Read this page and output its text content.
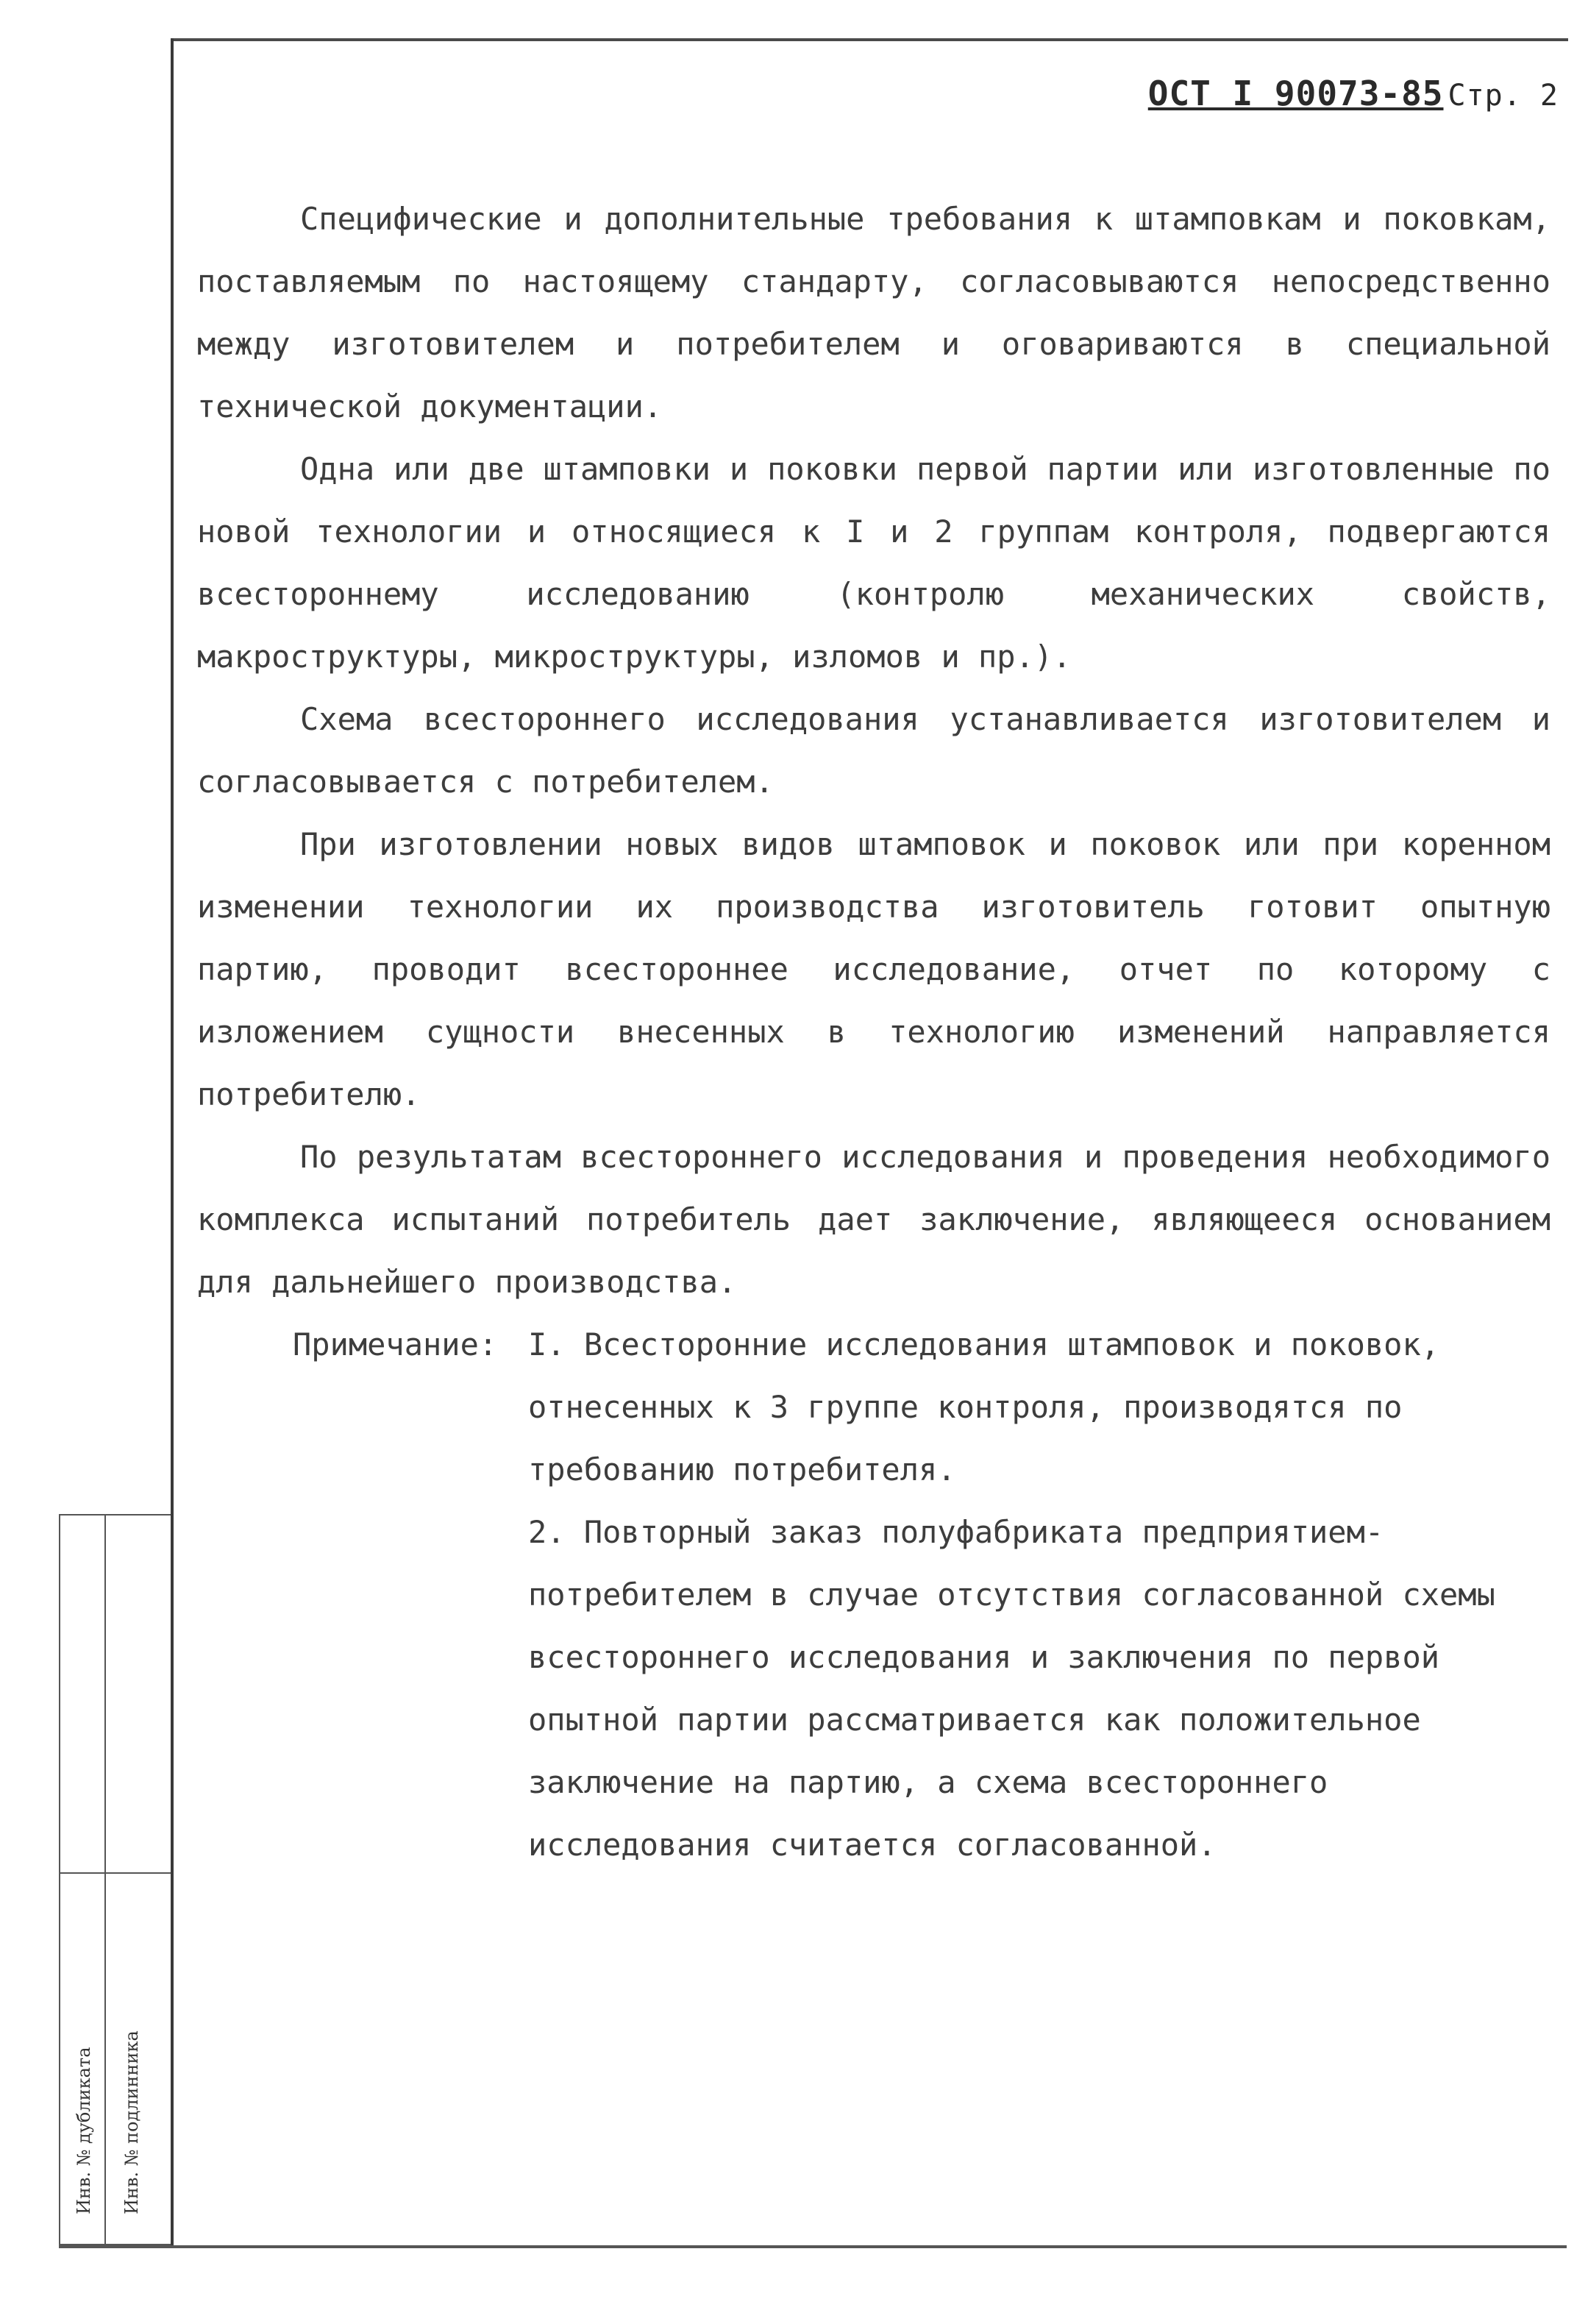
Инв. № дубликата Инв. № подлинника
ОСТ I 90073-85 Стр. 2

Специфические и дополнительные требования к штамповкам и поковкам, поставляемым по настоящему стандарту, согласовываются непосредственно между изготовителем и потребителем и оговариваются в специальной технической документации.

Одна или две штамповки и поковки первой партии или изготовленные по новой технологии и относящиеся к I и 2 группам контроля, подвергаются всестороннему исследованию (контролю механических свойств, макроструктуры, микроструктуры, изломов и пр.).

Схема всестороннего исследования устанавливается изготовителем и согласовывается с потребителем.

При изготовлении новых видов штамповок и поковок или при коренном изменении технологии их производства изготовитель готовит опытную партию, проводит всестороннее исследование, отчет по которому с изложением сущности внесенных в технологию изменений направляется потребителю.

По результатам всестороннего исследования и проведения необходимого комплекса испытаний потребитель дает заключение, являющееся основанием для дальнейшего производства.

Примечание: I. Всесторонние исследования штамповок и поковок, отнесенных к 3 группе контроля, производятся по требованию потребителя.

2. Повторный заказ полуфабриката предприятием-потребителем в случае отсутствия согласованной схемы всестороннего исследования и заключения по первой опытной партии рассматривается как положительное заключение на партию, а схема всестороннего исследования считается согласованной.
